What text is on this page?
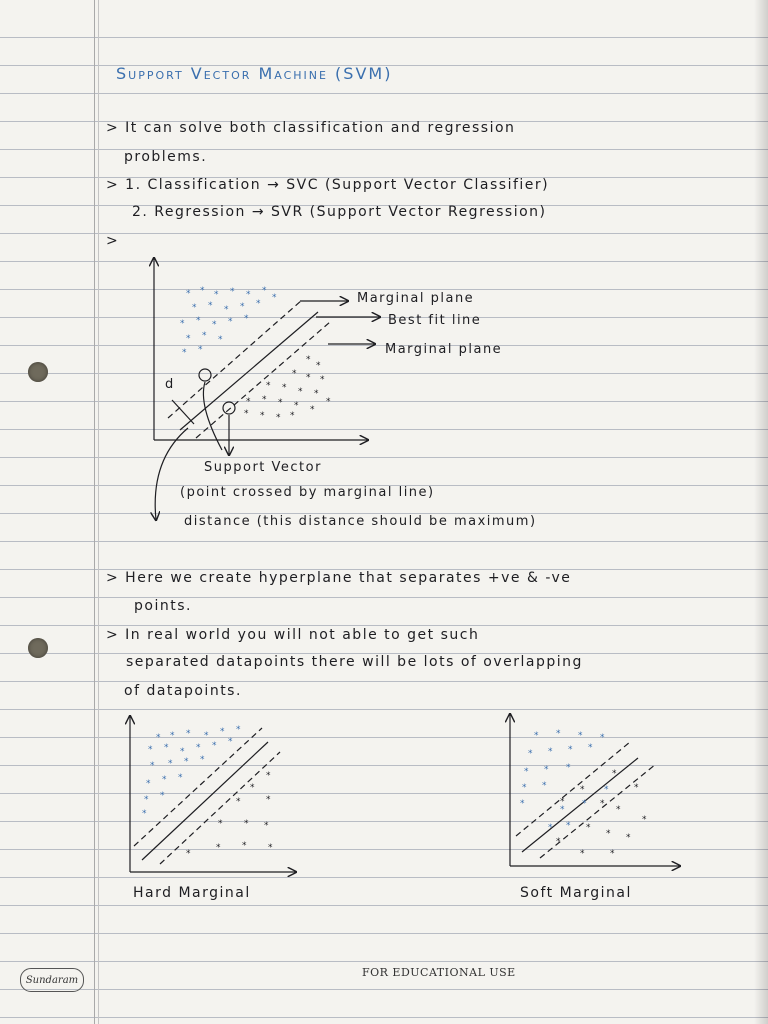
Support Vector Machine (SVM)
> It can solve both classification and regression
problems.
> 1. Classification → SVC (Support Vector Classifier)
2. Regression → SVR (Support Vector Regression)
>
Marginal plane
Best fit line
Marginal plane
d
Support Vector
(point crossed by marginal line)
distance (this distance should be maximum)
> Here we create hyperplane that separates +ve & -ve
points.
> In real world you will not able to get such
separated datapoints there will be lots of overlapping
of datapoints.
Hard Marginal	Soft Marginal
Sundaram
FOR EDUCATIONAL USE
* * * * * *
* * * * *
*
* * * * *
* * *
* *
*
*
* * *
* * * *
*
* * * * *
* * * *
* * * * * *
* * * * * *
* * * *
* * *
* *
*
*
*
*
*
* * *
*
* * *
* * * *
* * * *
* * *
* *
*
*
*
* *
*
*
*
*
*
*
*
*
*
* *
*	*
*
